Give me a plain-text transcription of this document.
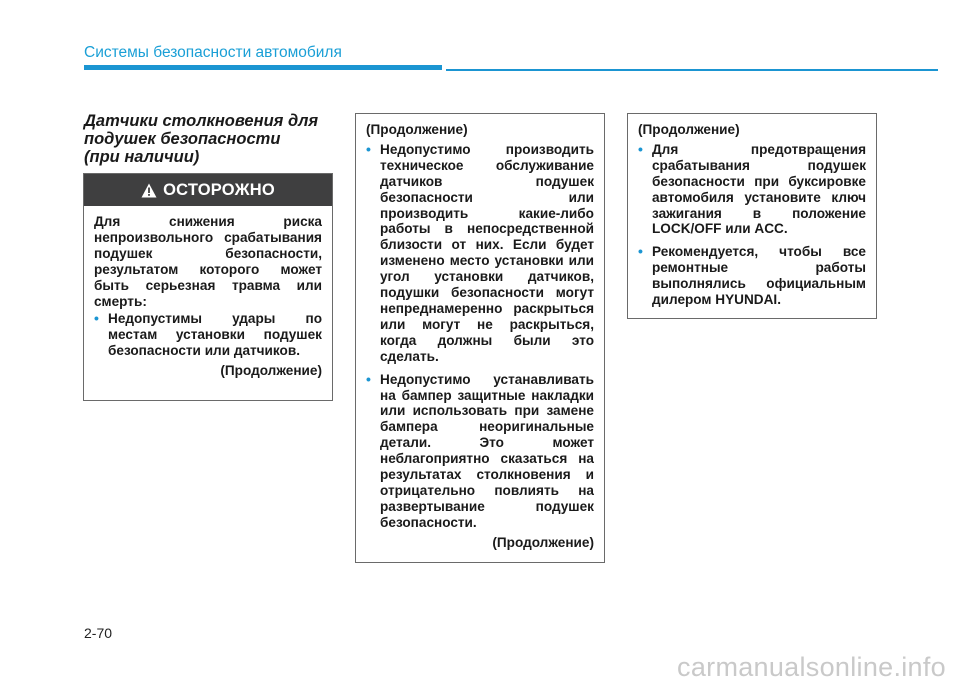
Системы безопасности автомобиля
Датчики столкновения для
подушек безопасности
(при наличии)
ОСТОРОЖНО

Для снижения риска непроизвольного срабатывания подушек безопасности, результатом которого может быть серьезная травма или смерть:

• Недопустимы удары по местам установки подушек безопасности или датчиков.

(Продолжение)

(Продолжение)

• Недопустимо производить техническое обслуживание датчиков подушек безопасности или производить какие-либо работы в непосредственной близости от них. Если будет изменено место установки или угол установки датчиков, подушки безопасности могут непреднамеренно раскрыться или могут не раскрыться, когда должны были это сделать.
• Недопустимо устанавливать на бампер защитные накладки или использовать при замене бампера неоригинальные детали. Это может неблагоприятно сказаться на результатах столкновения и отрицательно повлиять на развертывание подушек безопасности.

(Продолжение)

(Продолжение)

• Для предотвращения срабатывания подушек безопасности при буксировке автомобиля установите ключ зажигания в положение LOCK/OFF или ACC.
• Рекомендуется, чтобы все ремонтные работы выполнялись официальным дилером HYUNDAI.
2-70
carmanualsonline.info
